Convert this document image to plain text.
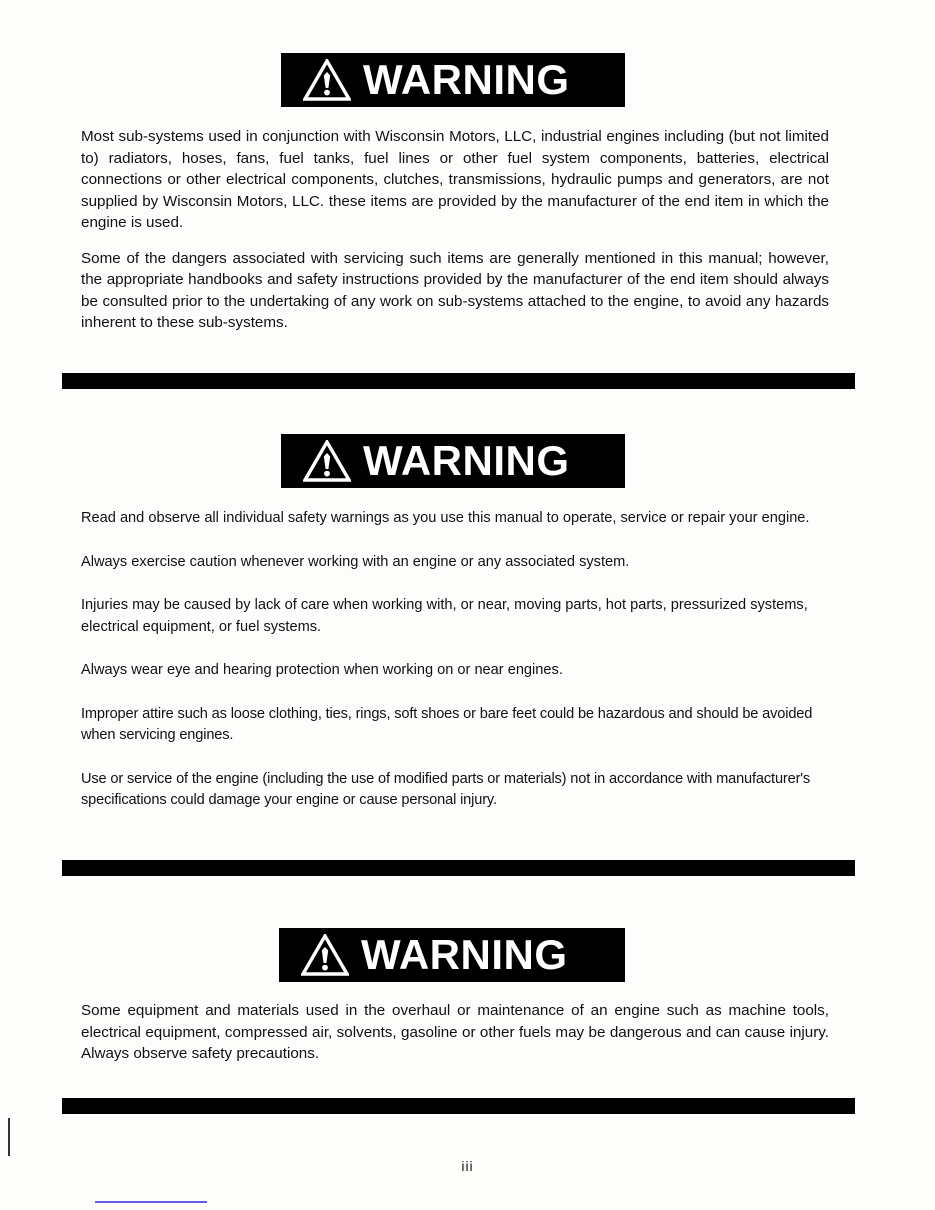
WARNING

Most sub-systems used in conjunction with Wisconsin Motors, LLC, industrial engines including (but not limited to) radiators, hoses, fans, fuel tanks, fuel lines or other fuel system components, batteries, electrical connections or other electrical components, clutches, transmissions, hydraulic pumps and generators, are not supplied by Wisconsin Motors, LLC. these items are provided by the manufacturer of the end item in which the engine is used.

Some of the dangers associated with servicing such items are generally mentioned in this manual; however, the appropriate handbooks and safety instructions provided by the manufacturer of the end item should always be consulted prior to the undertaking of any work on sub-systems attached to the engine, to avoid any hazards inherent to these sub-systems.

WARNING

Read and observe all individual safety warnings as you use this manual to operate, service or repair your engine.

Always exercise caution whenever working with an engine or any associated system.

Injuries may be caused by lack of care when working with, or near, moving parts, hot parts, pressurized systems, electrical equipment, or fuel systems.

Always wear eye and hearing protection when working on or near engines.

Improper attire such as loose clothing, ties, rings, soft shoes or bare feet could be hazardous and should be avoided when servicing engines.

Use or service of the engine (including the use of modified parts or materials) not in accordance with manufacturer's specifications could damage your engine or cause personal injury.

WARNING

Some equipment and materials used in the overhaul or maintenance of an engine such as machine tools, electrical equipment, compressed air, solvents, gasoline or other fuels may be dangerous and can cause injury. Always observe safety precautions.

iii
